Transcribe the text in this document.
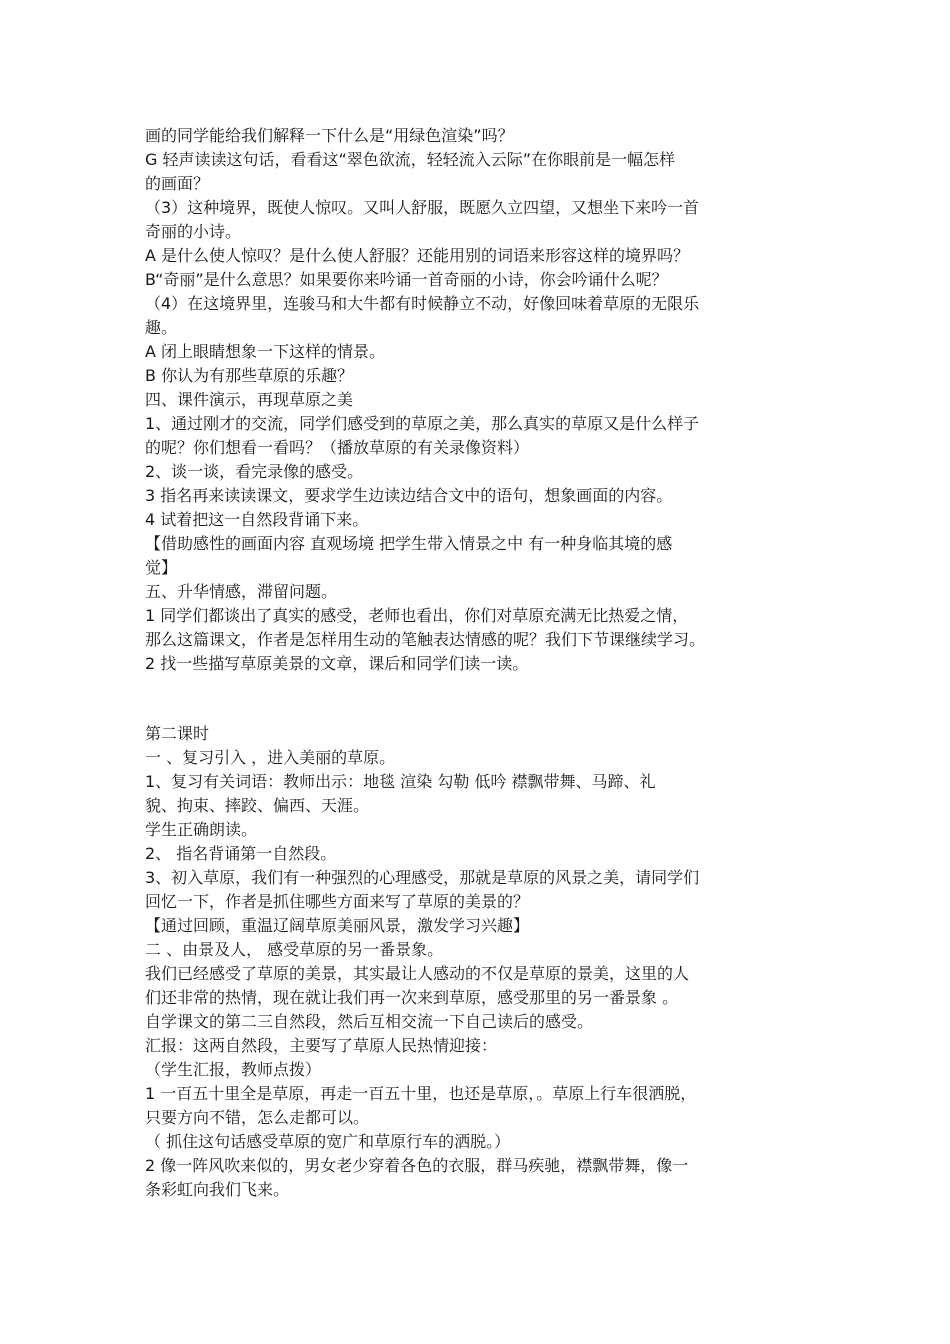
画的同学能给我们解释一下什么是“用绿色渲染”吗？
G 轻声读读这句话，看看这“翠色欲流，轻轻流入云际”在你眼前是一幅怎样
的画面？
（3）这种境界，既使人惊叹。又叫人舒服，既愿久立四望，又想坐下来吟一首
奇丽的小诗。
A 是什么使人惊叹？是什么使人舒服？还能用别的词语来形容这样的境界吗？
B“奇丽”是什么意思？如果要你来吟诵一首奇丽的小诗，你会吟诵什么呢？
（4）在这境界里，连骏马和大牛都有时候静立不动，好像回味着草原的无限乐
趣。
A 闭上眼睛想象一下这样的情景。
B 你认为有那些草原的乐趣？
四、课件演示，再现草原之美
1、通过刚才的交流，同学们感受到的草原之美，那么真实的草原又是什么样子
的呢？你们想看一看吗？（播放草原的有关录像资料）
2、谈一谈，看完录像的感受。
3 指名再来读读课文，要求学生边读边结合文中的语句，想象画面的内容。
4 试着把这一自然段背诵下来。
【借助感性的画面内容 直观场境 把学生带入情景之中 有一种身临其境的感
觉】
五、升华情感，滞留问题。
1 同学们都谈出了真实的感受，老师也看出，你们对草原充满无比热爱之情，
那么这篇课文，作者是怎样用生动的笔触表达情感的呢？我们下节课继续学习。
2 找一些描写草原美景的文章，课后和同学们读一读。
第二课时
一 、复习引入 ，进入美丽的草原。
1、复习有关词语：教师出示：地毯 渲染 勾勒 低吟 襟飘带舞、马蹄、礼
貌、拘束、摔跤、偏西、天涯。
学生正确朗读。
2、 指名背诵第一自然段。
3、初入草原，我们有一种强烈的心理感受，那就是草原的风景之美，请同学们
回忆一下，作者是抓住哪些方面来写了草原的美景的？
【通过回顾，重温辽阔草原美丽风景，激发学习兴趣】
二 、由景及人， 感受草原的另一番景象。
我们已经感受了草原的美景，其实最让人感动的不仅是草原的景美，这里的人
们还非常的热情，现在就让我们再一次来到草原，感受那里的另一番景象 。
自学课文的第二三自然段，然后互相交流一下自己读后的感受。
汇报：这两自然段，主要写了草原人民热情迎接：
（学生汇报，教师点拨）
1 一百五十里全是草原，再走一百五十里，也还是草原，。草原上行车很洒脱，
只要方向不错，怎么走都可以。
（ 抓住这句话感受草原的宽广和草原行车的洒脱。）
2 像一阵风吹来似的，男女老少穿着各色的衣服，群马疾驰，襟飘带舞，像一
条彩虹向我们飞来。
